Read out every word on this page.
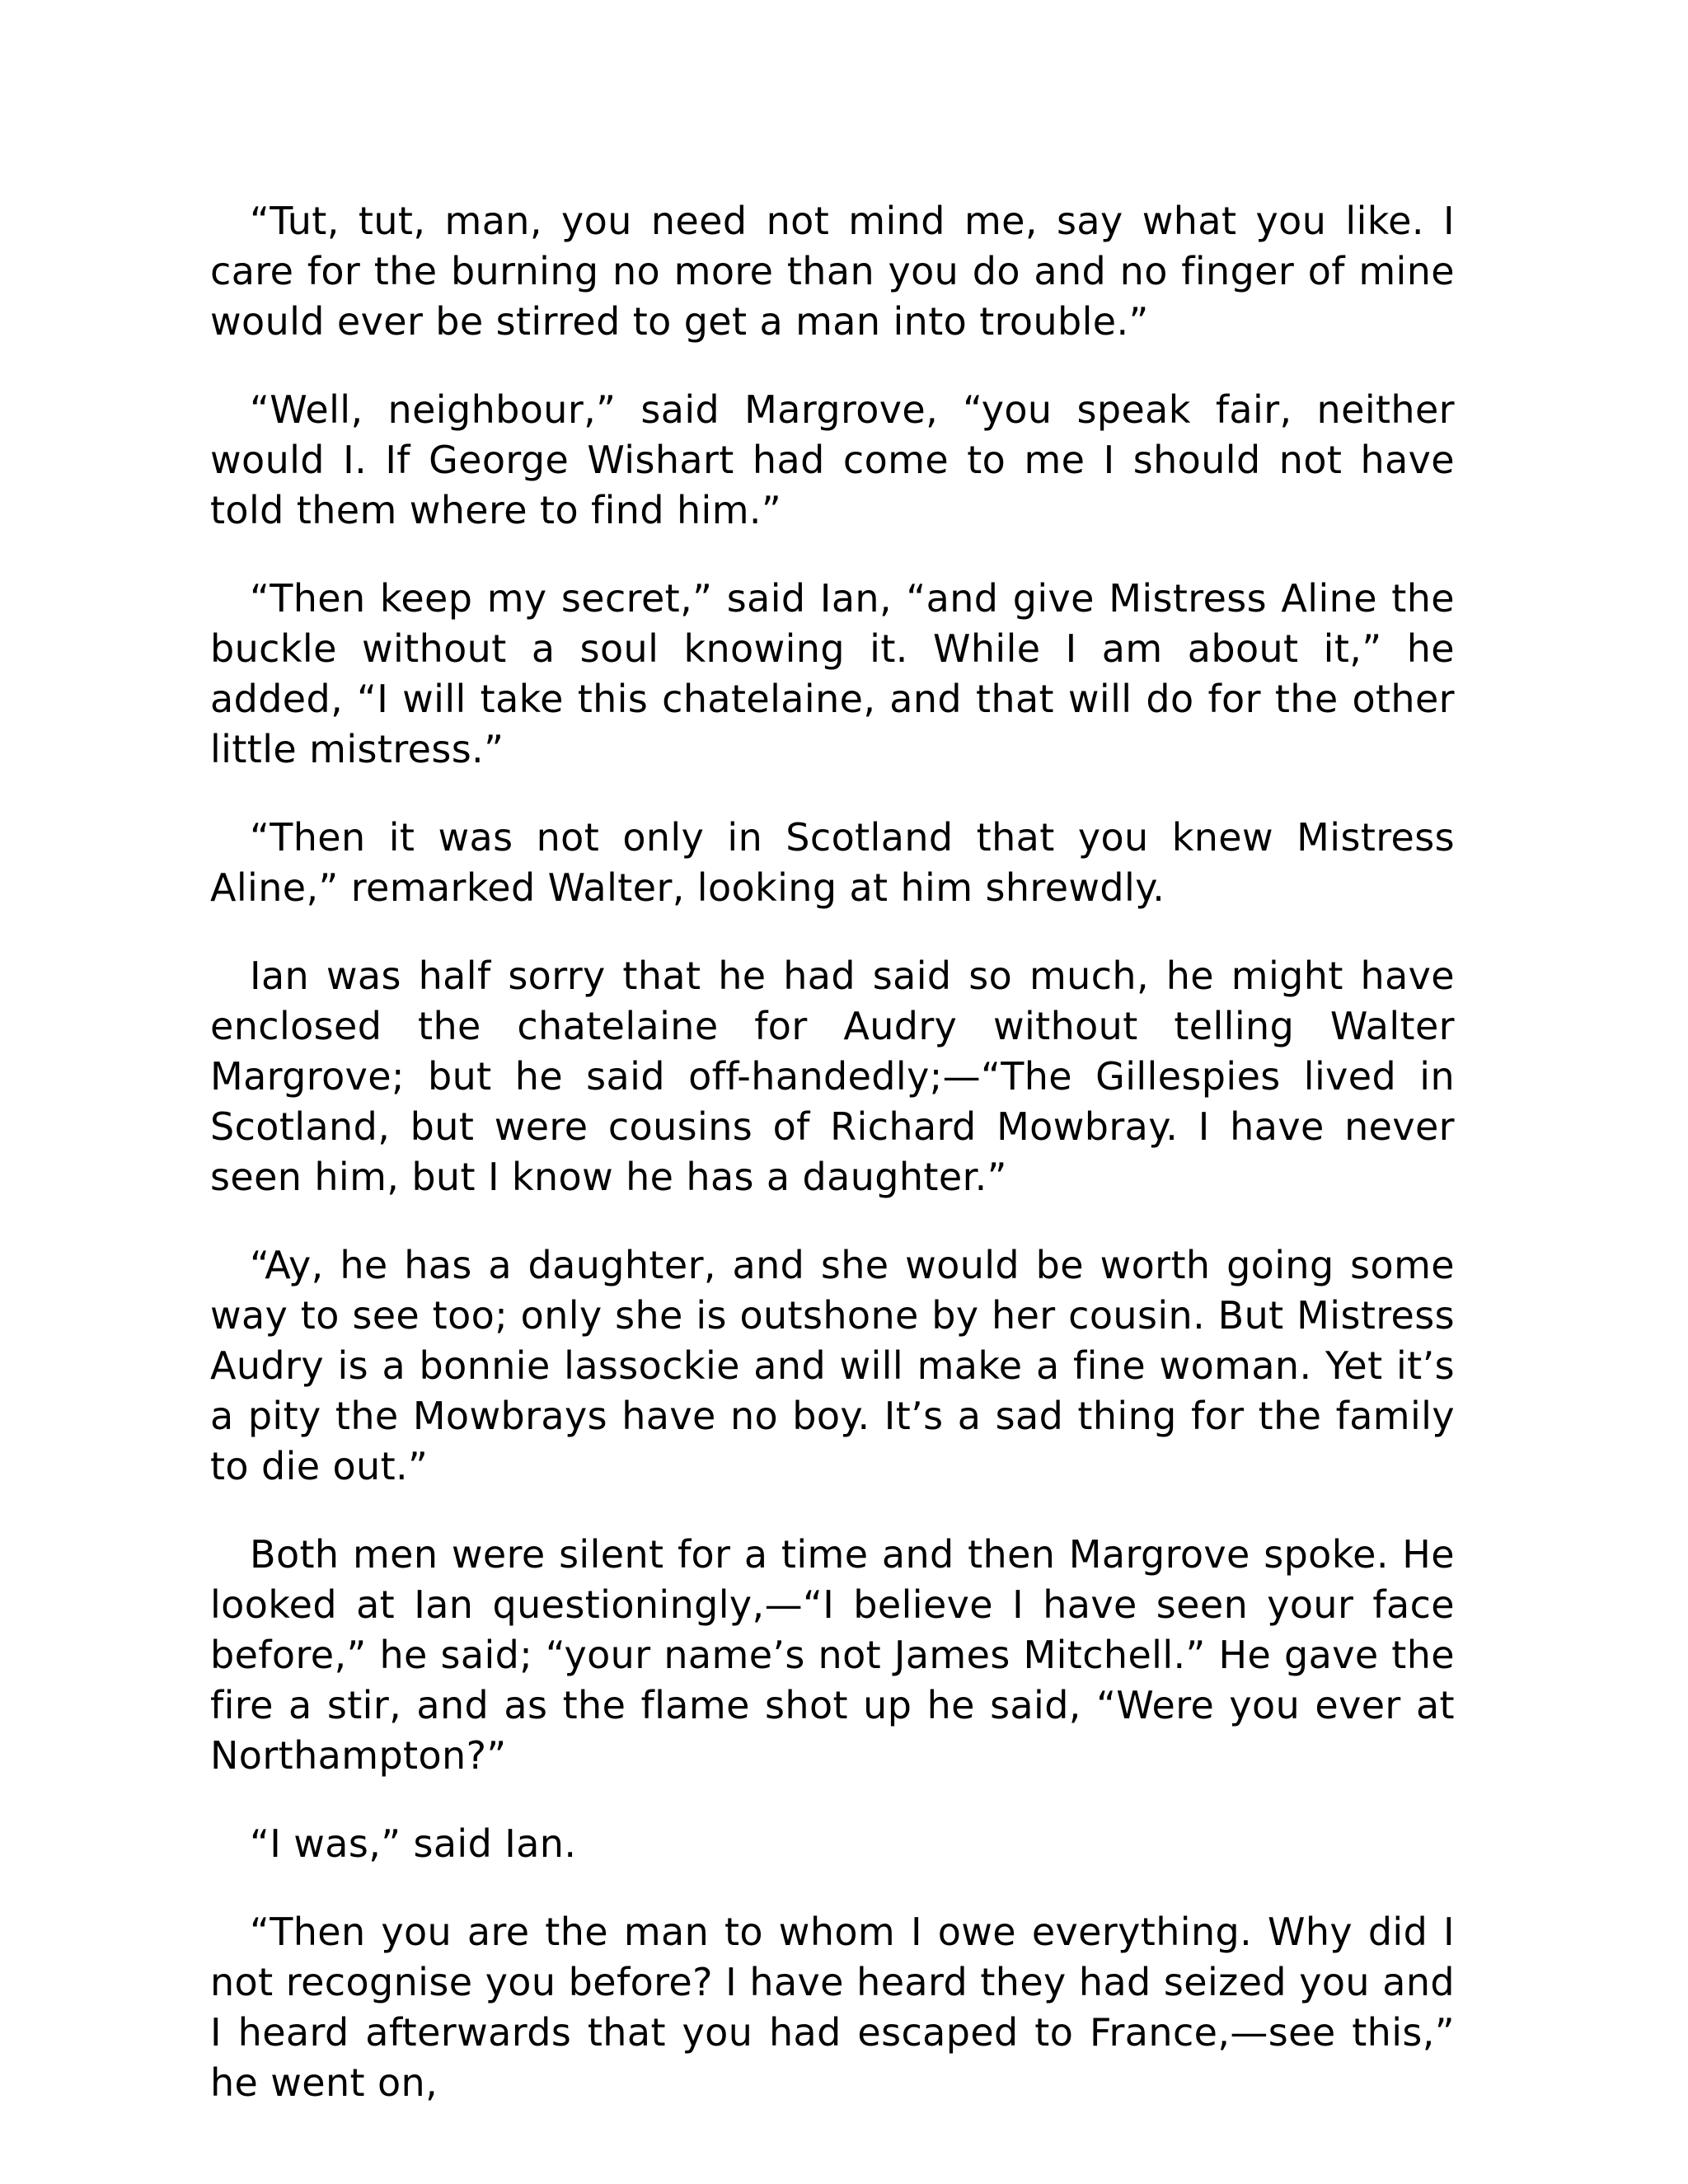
“Tut, tut, man, you need not mind me, say what you like. I care for the burning no more than you do and no finger of mine would ever be stirred to get a man into trouble.”

“Well, neighbour,” said Margrove, “you speak fair, neither would I. If George Wishart had come to me I should not have told them where to find him.”

“Then keep my secret,” said Ian, “and give Mistress Aline the buckle without a soul knowing it. While I am about it,” he added, “I will take this chatelaine, and that will do for the other little mistress.”

“Then it was not only in Scotland that you knew Mistress Aline,” remarked Walter, looking at him shrewdly.

Ian was half sorry that he had said so much, he might have enclosed the chatelaine for Audry without telling Walter Margrove; but he said off-handedly;—“The Gillespies lived in Scotland, but were cousins of Richard Mowbray. I have never seen him, but I know he has a daughter.”

“Ay, he has a daughter, and she would be worth going some way to see too; only she is outshone by her cousin. But Mistress Audry is a bonnie lassockie and will make a fine woman. Yet it’s a pity the Mowbrays have no boy. It’s a sad thing for the family to die out.”

Both men were silent for a time and then Margrove spoke. He looked at Ian questioningly,—“I believe I have seen your face before,” he said; “your name’s not James Mitchell.” He gave the fire a stir, and as the flame shot up he said, “Were you ever at Northampton?”

“I was,” said Ian.

“Then you are the man to whom I owe everything. Why did I not recognise you before? I have heard they had seized you and I heard afterwards that you had escaped to France,—see this,” he went on,
